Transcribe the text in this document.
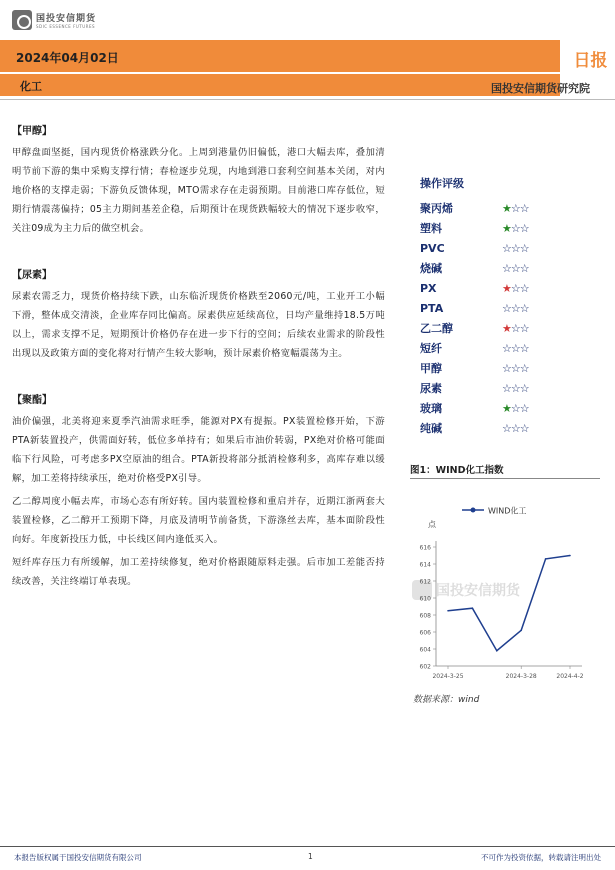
国投安信期货
SDIC ESSENCE FUTURES
2024年04月02日	日报
化工	国投安信期货研究院
【甲醇】
甲醇盘面坚挺，国内现货价格涨跌分化。上周到港量仍旧偏低，港口大幅去库，叠加清明节前下游的集中采购支撑行情；春检逐步兑现，内地到港口套利空间基本关闭，对内地价格的支撑走弱；下游负反馈体现，MTO需求存在走弱预期。目前港口库存低位，短期行情震荡偏持；05主力期间基差企稳，后期预计在现货跌幅较大的情况下逐步收窄，关注09成为主力后的做空机会。
【尿素】
尿素农需乏力，现货价格持续下跌，山东临沂现货价格跌至2060元/吨，工业开工小幅下滑，整体成交清淡，企业库存同比偏高。尿素供应延续高位，日均产量维持18.5万吨以上，需求支撑不足，短期预计价格仍存在进一步下行的空间；后续农业需求的阶段性出现以及政策方面的变化将对行情产生较大影响，预计尿素价格宽幅震荡为主。
【聚酯】
油价偏强，北美将迎来夏季汽油需求旺季，能源对PX有提振。PX装置检修开始，下游PTA新装置投产，供需面好转，低位多单持有；如果后市油价转弱，PX绝对价格可能面临下行风险，可考虑多PX空原油的组合。PTA新投将部分抵消检修利多，高库存难以缓解，加工差将持续承压，绝对价格受PX引导。
乙二醇周度小幅去库，市场心态有所好转。国内装置检修和重启并存，近期江浙两套大装置检修，乙二醇开工预期下降，月底及清明节前备货，下游涤丝去库，基本面阶段性向好。年度新投压力低，中长线区间内逢低买入。
短纤库存压力有所缓解，加工差持续修复，绝对价格跟随原料走强。后市加工差能否持续改善，关注终端订单表现。
操作评级
聚丙烯	★☆☆
塑料	★☆☆
PVC	☆☆☆
烧碱	☆☆☆
PX	★☆☆
PTA	☆☆☆
乙二醇	★☆☆
短纤	☆☆☆
甲醇	☆☆☆
尿素	☆☆☆
玻璃	★☆☆
纯碱	☆☆☆
图1：WIND化工指数
国投安信期货
WIND化工
点
602
604
606
608
610
612
614
616
2024-3-25	2024-3-28	2024-4-2
数据来源：wind
本报告版权属于国投安信期货有限公司	1	不可作为投资依据，转载请注明出处
